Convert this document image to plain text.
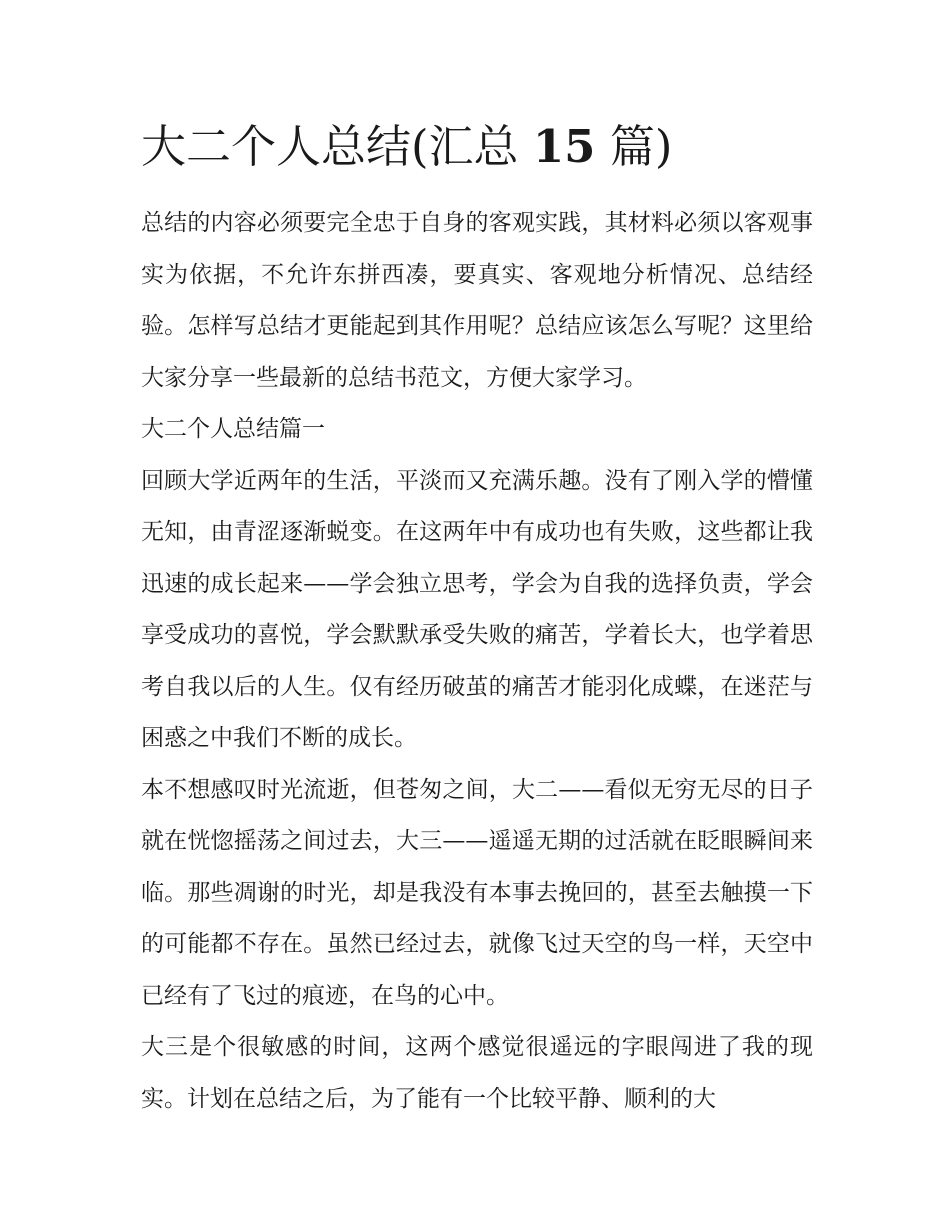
大二个人总结(汇总 15 篇)

总结的内容必须要完全忠于自身的客观实践，其材料必须以客观事实为依据，不允许东拼西凑，要真实、客观地分析情况、总结经验。怎样写总结才更能起到其作用呢？总结应该怎么写呢？这里给大家分享一些最新的总结书范文，方便大家学习。

大二个人总结篇一

回顾大学近两年的生活，平淡而又充满乐趣。没有了刚入学的懵懂无知，由青涩逐渐蜕变。在这两年中有成功也有失败，这些都让我迅速的成长起来——学会独立思考，学会为自我的选择负责，学会享受成功的喜悦，学会默默承受失败的痛苦，学着长大，也学着思考自我以后的人生。仅有经历破茧的痛苦才能羽化成蝶，在迷茫与困惑之中我们不断的成长。

本不想感叹时光流逝，但苍匆之间，大二——看似无穷无尽的日子就在恍惚摇荡之间过去，大三——遥遥无期的过活就在眨眼瞬间来临。那些凋谢的时光，却是我没有本事去挽回的，甚至去触摸一下的可能都不存在。虽然已经过去，就像飞过天空的鸟一样，天空中已经有了飞过的痕迹，在鸟的心中。

大三是个很敏感的时间，这两个感觉很遥远的字眼闯进了我的现实。计划在总结之后，为了能有一个比较平静、顺利的大
